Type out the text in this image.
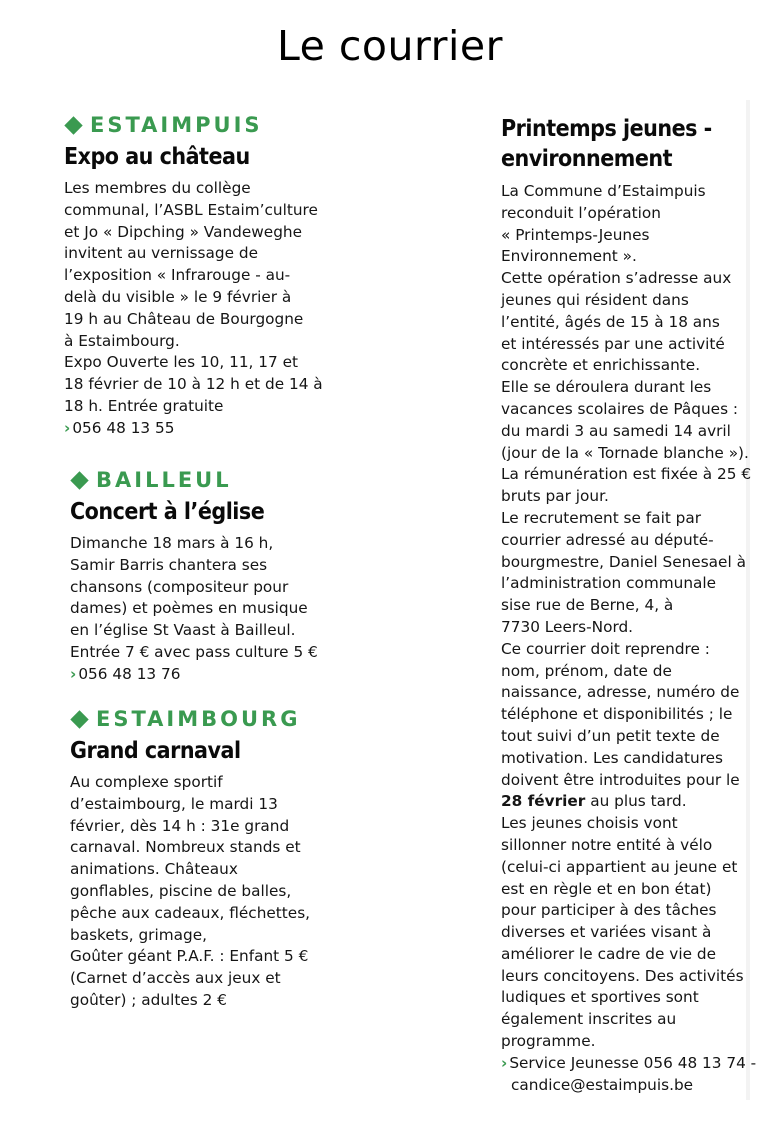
Le courrier
ESTAIMPUIS
Expo au château
Les membres du collège
communal, l’ASBL Estaim’culture
et Jo « Dipching » Vandeweghe
invitent au vernissage de
l’exposition « Infrarouge - au-
delà du visible » le 9 février à
19 h au Château de Bourgogne
à Estaimbourg.
Expo Ouverte les 10, 11, 17 et
18 février de 10 à 12 h et de 14 à
18 h. Entrée gratuite
› 056 48 13 55
BAILLEUL
Concert à l’église
Dimanche 18 mars à 16 h,
Samir Barris chantera ses
chansons (compositeur pour
dames) et poèmes en musique
en l’église St Vaast à Bailleul.
Entrée 7 € avec pass culture 5 €
› 056 48 13 76
ESTAIMBOURG
Grand carnaval
Au complexe sportif
d’estaimbourg, le mardi 13
février, dès 14 h : 31e grand
carnaval. Nombreux stands et
animations. Châteaux
gonflables, piscine de balles,
pêche aux cadeaux, fléchettes,
baskets, grimage,
Goûter géant P.A.F. : Enfant 5 €
(Carnet d’accès aux jeux et
goûter) ; adultes 2 €
Printemps jeunes -
environnement
La Commune d’Estaimpuis
reconduit l’opération
« Printemps-Jeunes
Environnement ».
Cette opération s’adresse aux
jeunes qui résident dans
l’entité, âgés de 15 à 18 ans
et intéressés par une activité
concrète et enrichissante.
Elle se déroulera durant les
vacances scolaires de Pâques :
du mardi 3 au samedi 14 avril
(jour de la « Tornade blanche »).
La rémunération est fixée à 25 €
bruts par jour.
Le recrutement se fait par
courrier adressé au député-
bourgmestre, Daniel Senesael à
l’administration communale
sise rue de Berne, 4, à
7730 Leers-Nord.
Ce courrier doit reprendre :
nom, prénom, date de
naissance, adresse, numéro de
téléphone et disponibilités ; le
tout suivi d’un petit texte de
motivation. Les candidatures
doivent être introduites pour le
28 février au plus tard.
Les jeunes choisis vont
sillonner notre entité à vélo
(celui-ci appartient au jeune et
est en règle et en bon état)
pour participer à des tâches
diverses et variées visant à
améliorer le cadre de vie de
leurs concitoyens. Des activités
ludiques et sportives sont
également inscrites au
programme.
› Service Jeunesse 056 48 13 74 -
candice@estaimpuis.be
